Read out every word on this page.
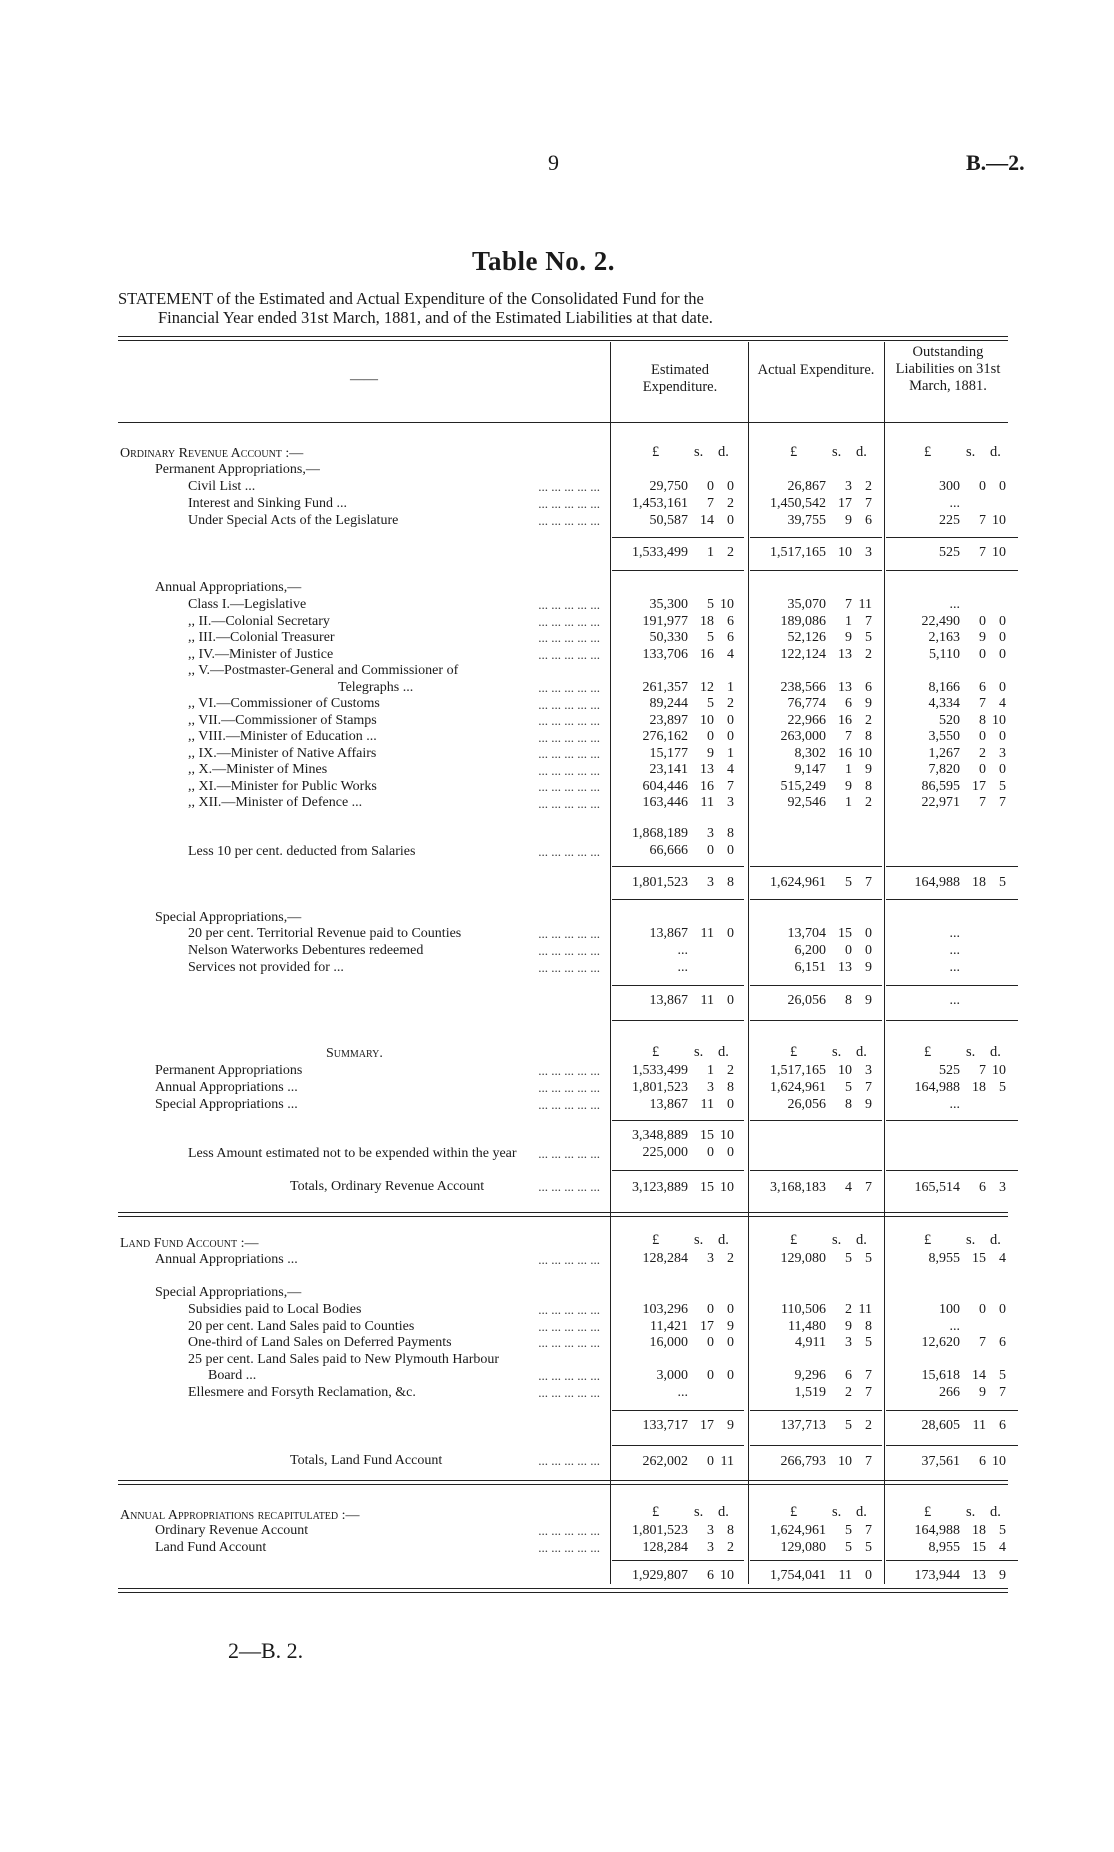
9	B.—2.
Table No. 2.
STATEMENT of the Estimated and Actual Expenditure of the Consolidated Fund for the
Financial Year ended 31st March, 1881, and of the Estimated Liabilities at that date.
——
Estimated Expenditure.
Actual Expenditure.
Outstanding Liabilities on 31st March, 1881.
Ordinary Revenue Account :—	£ s. d.	£ s. d.	£ s. d.
Permanent Appropriations,—
Civil List ...	29,750	0 0	26,867	3 2	300	0 0
Interest and Sinking Fund ...	1,453,161	7 2	1,450,542 17 7	...
Under Special Acts of the Legislature	50,587 14 0	39,755	9 6	225	7 10
1,533,499	1 2	1,517,165 10 3	525	7 10
Annual Appropriations,—
Class I.—Legislative	35,300	5 10	35,070	7 11	...
,, II.—Colonial Secretary	191,977 18 6	189,086	1 7	22,490	0 0
,, III.—Colonial Treasurer	50,330	5 6	52,126	9 5	2,163	9 0
,, IV.—Minister of Justice	133,706 16 4	122,124 13 2	5,110	0 0
,, V.—Postmaster-General and Commissioner of
Telegraphs ...	261,357 12 1	238,566 13 6	8,166	6 0
,, VI.—Commissioner of Customs	89,244	5 2	76,774	6 9	4,334	7 4
,, VII.—Commissioner of Stamps	23,897 10 0	22,966 16 2	520	8 10
,, VIII.—Minister of Education ...	276,162	0 0	263,000	7 8	3,550	0 0
,, IX.—Minister of Native Affairs	15,177	9 1	8,302 16 10	1,267	2 3
,, X.—Minister of Mines	23,141 13 4	9,147	1 9	7,820	0 0
,, XI.—Minister for Public Works	604,446 16 7	515,249	9 8	86,595 17 5
,, XII.—Minister of Defence ...	163,446 11 3	92,546	1 2	22,971	7 7
1,868,189	3 8
Less 10 per cent. deducted from Salaries	66,666	0 0
1,801,523	3 8	1,624,961	5 7	164,988 18 5
Special Appropriations,—
20 per cent. Territorial Revenue paid to Counties	13,867 11 0	13,704 15 0	...
Nelson Waterworks Debentures redeemed	...	6,200	0 0	...
Services not provided for ...	...	6,151 13 9	...
13,867 11 0	26,056	8 9	...
Summary.	£ s. d.	£ s. d.	£ s. d.
Permanent Appropriations	1,533,499	1 2	1,517,165 10 3	525	7 10
Annual Appropriations ...	1,801,523	3 8	1,624,961	5 7	164,988 18 5
Special Appropriations ...	13,867 11 0	26,056	8 9	...
3,348,889 15 10
Less Amount estimated not to be expended within the year	225,000	0 0
Totals, Ordinary Revenue Account	3,123,889 15 10	3,168,183	4 7	165,514	6 3
Land Fund Account :—	£ s. d.	£ s. d.	£ s. d.
Annual Appropriations ...	128,284	3 2	129,080	5 5	8,955 15 4
Special Appropriations,—
Subsidies paid to Local Bodies	103,296	0 0	110,506	2 11	100	0 0
20 per cent. Land Sales paid to Counties	11,421 17 9	11,480	9 8	...
One-third of Land Sales on Deferred Payments	16,000	0 0	4,911	3 5	12,620	7 6
25 per cent. Land Sales paid to New Plymouth Harbour
Board ...	3,000	0 0	9,296	6 7	15,618 14 5
Ellesmere and Forsyth Reclamation, &c.	...	1,519	2 7	266	9 7
133,717 17 9	137,713	5 2	28,605 11 6
Totals, Land Fund Account	262,002	0 11	266,793 10 7	37,561	6 10
Annual Appropriations recapitulated :—	£ s. d.	£ s. d.	£ s. d.
Ordinary Revenue Account	1,801,523	3 8	1,624,961	5 7	164,988 18 5
Land Fund Account	128,284	3 2	129,080	5 5	8,955 15 4
1,929,807	6 10	1,754,041 11 0	173,944 13 9
... ... ... ... ...
... ... ... ... ...
... ... ... ... ...
... ... ... ... ...
... ... ... ... ...
... ... ... ... ...
... ... ... ... ...
... ... ... ... ...
... ... ... ... ...
... ... ... ... ...
... ... ... ... ...
... ... ... ... ...
... ... ... ... ...
... ... ... ... ...
... ... ... ... ...
... ... ... ... ...
... ... ... ... ...
... ... ... ... ...
... ... ... ... ...
... ... ... ... ...
... ... ... ... ...
... ... ... ... ...
... ... ... ... ...
... ... ... ... ...
... ... ... ... ...
... ... ... ... ...
... ... ... ... ...
... ... ... ... ...
... ... ... ... ...
... ... ... ... ...
... ... ... ... ...
... ... ... ... ...
... ... ... ... ...
2—B. 2.
